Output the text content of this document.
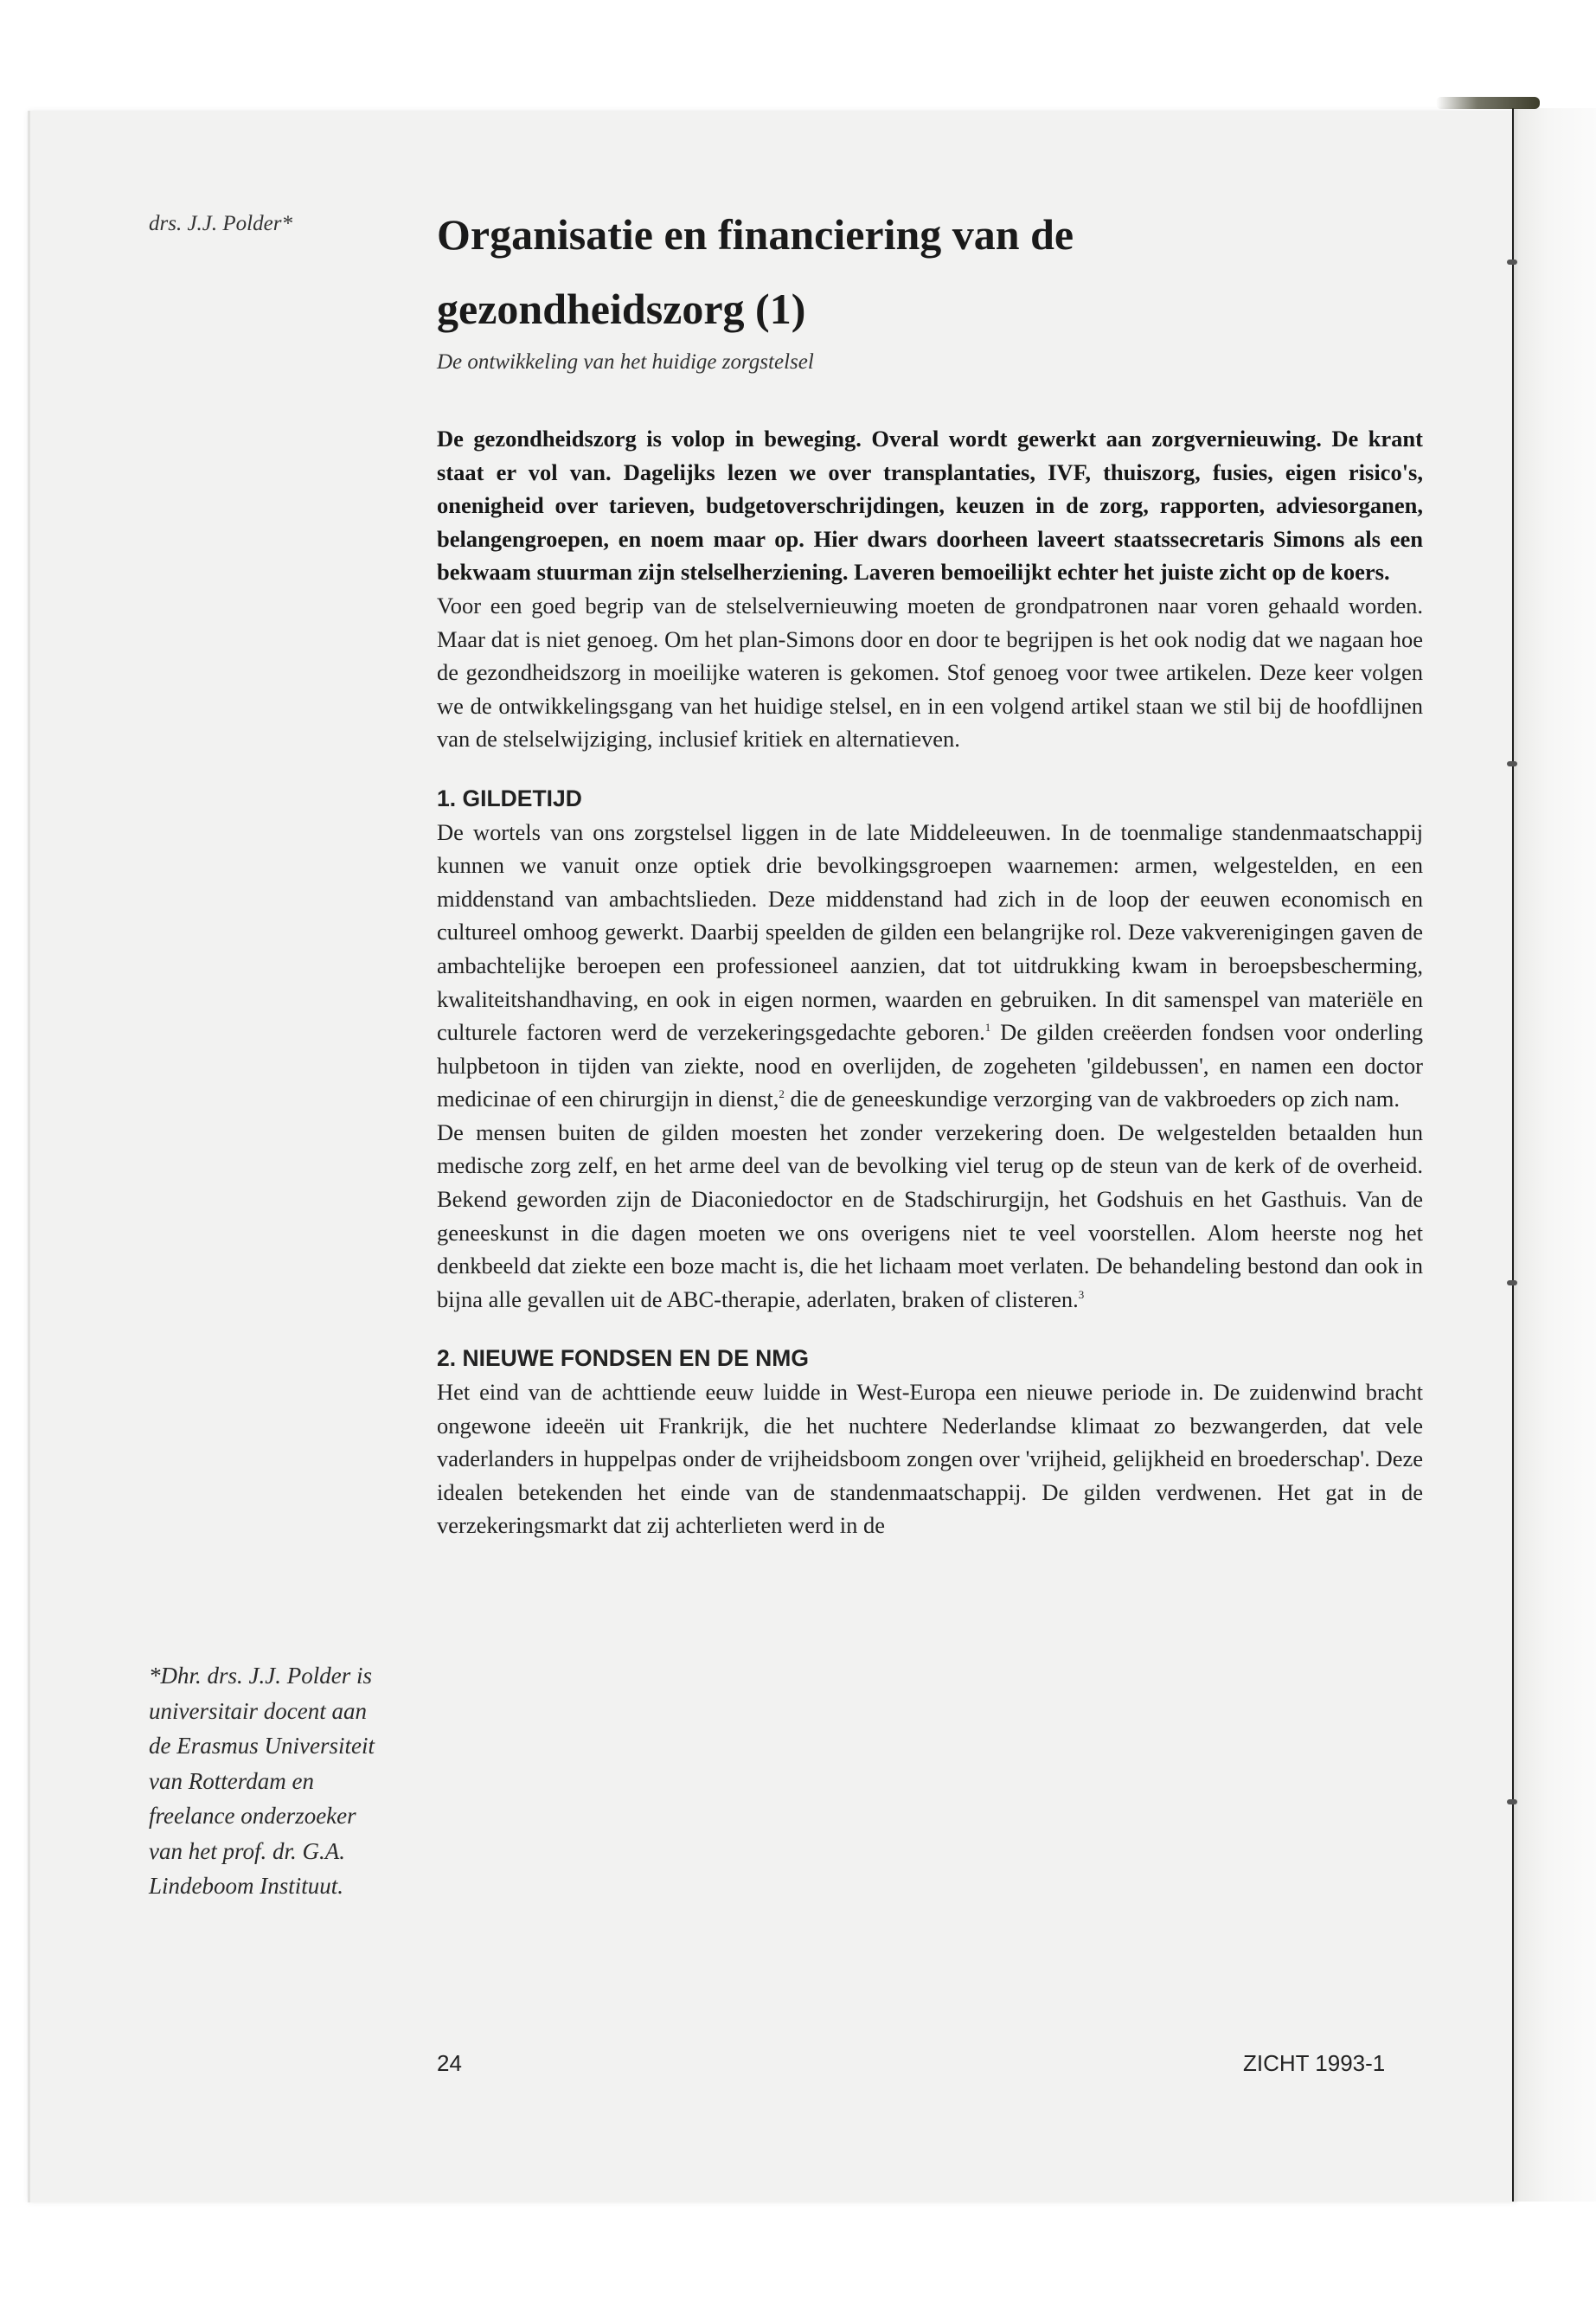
drs. J.J. Polder*	Organisatie en financiering van de
gezondheidszorg (1)
De ontwikkeling van het huidige zorgstelsel

De gezondheidszorg is volop in beweging. Overal wordt gewerkt aan zorgvernieuwing. De krant staat er vol van. Dagelijks lezen we over transplantaties, IVF, thuiszorg, fusies, eigen risico's, onenigheid over tarieven, budgetoverschrijdingen, keuzen in de zorg, rapporten, adviesorganen, belangengroepen, en noem maar op. Hier dwars doorheen laveert staatssecretaris Simons als een bekwaam stuurman zijn stelselherziening. Laveren bemoeilijkt echter het juiste zicht op de koers.

Voor een goed begrip van de stelselvernieuwing moeten de grondpatronen naar voren gehaald worden. Maar dat is niet genoeg. Om het plan-Simons door en door te begrijpen is het ook nodig dat we nagaan hoe de gezondheidszorg in moeilijke wateren is gekomen. Stof genoeg voor twee artikelen. Deze keer volgen we de ontwikkelingsgang van het huidige stelsel, en in een volgend artikel staan we stil bij de hoofdlijnen van de stelselwijziging, inclusief kritiek en alternatieven.

1. GILDETIJD

De wortels van ons zorgstelsel liggen in de late Middeleeuwen. In de toenmalige standenmaatschappij kunnen we vanuit onze optiek drie bevolkingsgroepen waarnemen: armen, welgestelden, en een middenstand van ambachtslieden. Deze middenstand had zich in de loop der eeuwen economisch en cultureel omhoog gewerkt. Daarbij speelden de gilden een belangrijke rol. Deze vakverenigingen gaven de ambachtelijke beroepen een professioneel aanzien, dat tot uitdrukking kwam in beroepsbescherming, kwaliteitshandhaving, en ook in eigen normen, waarden en gebruiken. In dit samenspel van materiële en culturele factoren werd de verzekeringsgedachte geboren.$^1$ De gilden creëerden fondsen voor onderling hulpbetoon in tijden van ziekte, nood en overlijden, de zogeheten 'gildebussen', en namen een doctor medicinae of een chirurgijn in dienst,$^2$ die de geneeskundige verzorging van de vakbroeders op zich nam.

De mensen buiten de gilden moesten het zonder verzekering doen. De welgestelden betaalden hun medische zorg zelf, en het arme deel van de bevolking viel terug op de steun van de kerk of de overheid. Bekend geworden zijn de Diaconiedoctor en de Stadschirurgijn, het Godshuis en het Gasthuis. Van de geneeskunst in die dagen moeten we ons overigens niet te veel voorstellen. Alom heerste nog het denkbeeld dat ziekte een boze macht is, die het lichaam moet verlaten. De behandeling bestond dan ook in bijna alle gevallen uit de ABC-therapie, aderlaten, braken of clisteren.$^3$

2. NIEUWE FONDSEN EN DE NMG

Het eind van de achttiende eeuw luidde in West-Europa een nieuwe periode in. De zuidenwind bracht ongewone ideeën uit Frankrijk, die het nuchtere Nederlandse klimaat zo bezwangerden, dat vele vaderlanders in huppelpas onder de vrijheidsboom zongen over 'vrijheid, gelijkheid en broederschap'. Deze idealen betekenden het einde van de standenmaatschappij. De gilden verdwenen. Het gat in de verzekeringsmarkt dat zij achterlieten werd in de

*Dhr. drs. J.J. Polder is universitair docent aan de Erasmus Universiteit van Rotterdam en freelance onderzoeker van het prof. dr. G.A. Lindeboom Instituut.

24	ZICHT 1993-1
